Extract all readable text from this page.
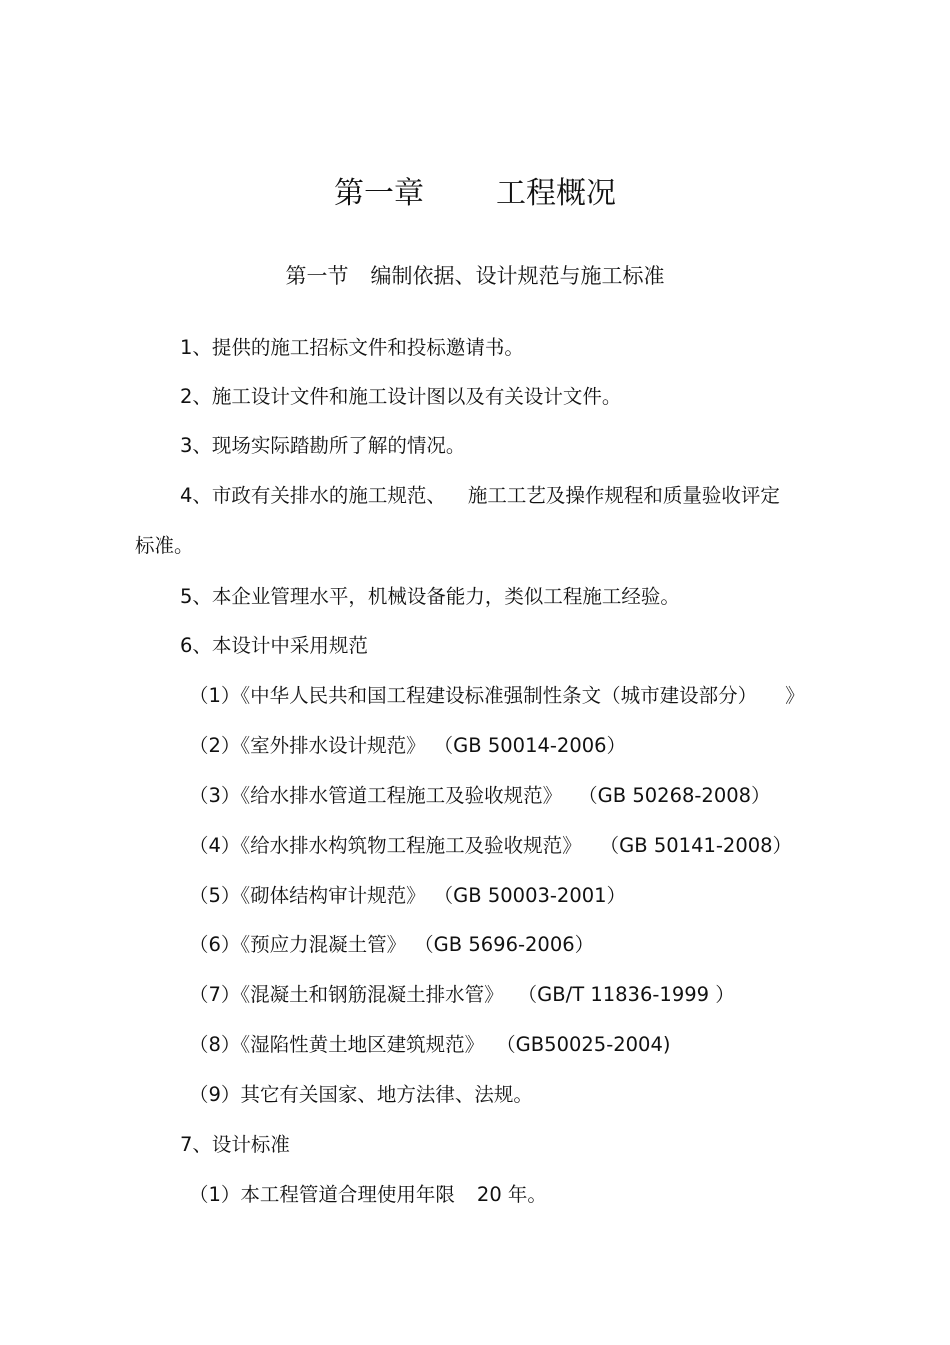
第一章 工程概况
第一节 编制依据、设计规范与施工标准
1、提供的施工招标文件和投标邀请书。
2、施工设计文件和施工设计图以及有关设计文件。
3、现场实际踏勘所了解的情况。
4、市政有关排水的施工规范、 施工工艺及操作规程和质量验收评定
标准。
5、本企业管理水平，机械设备能力，类似工程施工经验。
6、本设计中采用规范
（1）《中华人民共和国工程建设标准强制性条文（城市建设部分） 》
（2）《室外排水设计规范》 （GB 50014-2006）
（3）《给水排水管道工程施工及验收规范》 （GB 50268-2008）
（4）《给水排水构筑物工程施工及验收规范》 （GB 50141-2008）
（5）《砌体结构审计规范》 （GB 50003-2001）
（6）《预应力混凝土管》 （GB 5696-2006）
（7）《混凝土和钢筋混凝土排水管》 （GB/T 11836-1999 ）
（8）《湿陷性黄土地区建筑规范》 （GB50025-2004)
（9）其它有关国家、地方法律、法规。
7、设计标准
（1）本工程管道合理使用年限 20 年。
